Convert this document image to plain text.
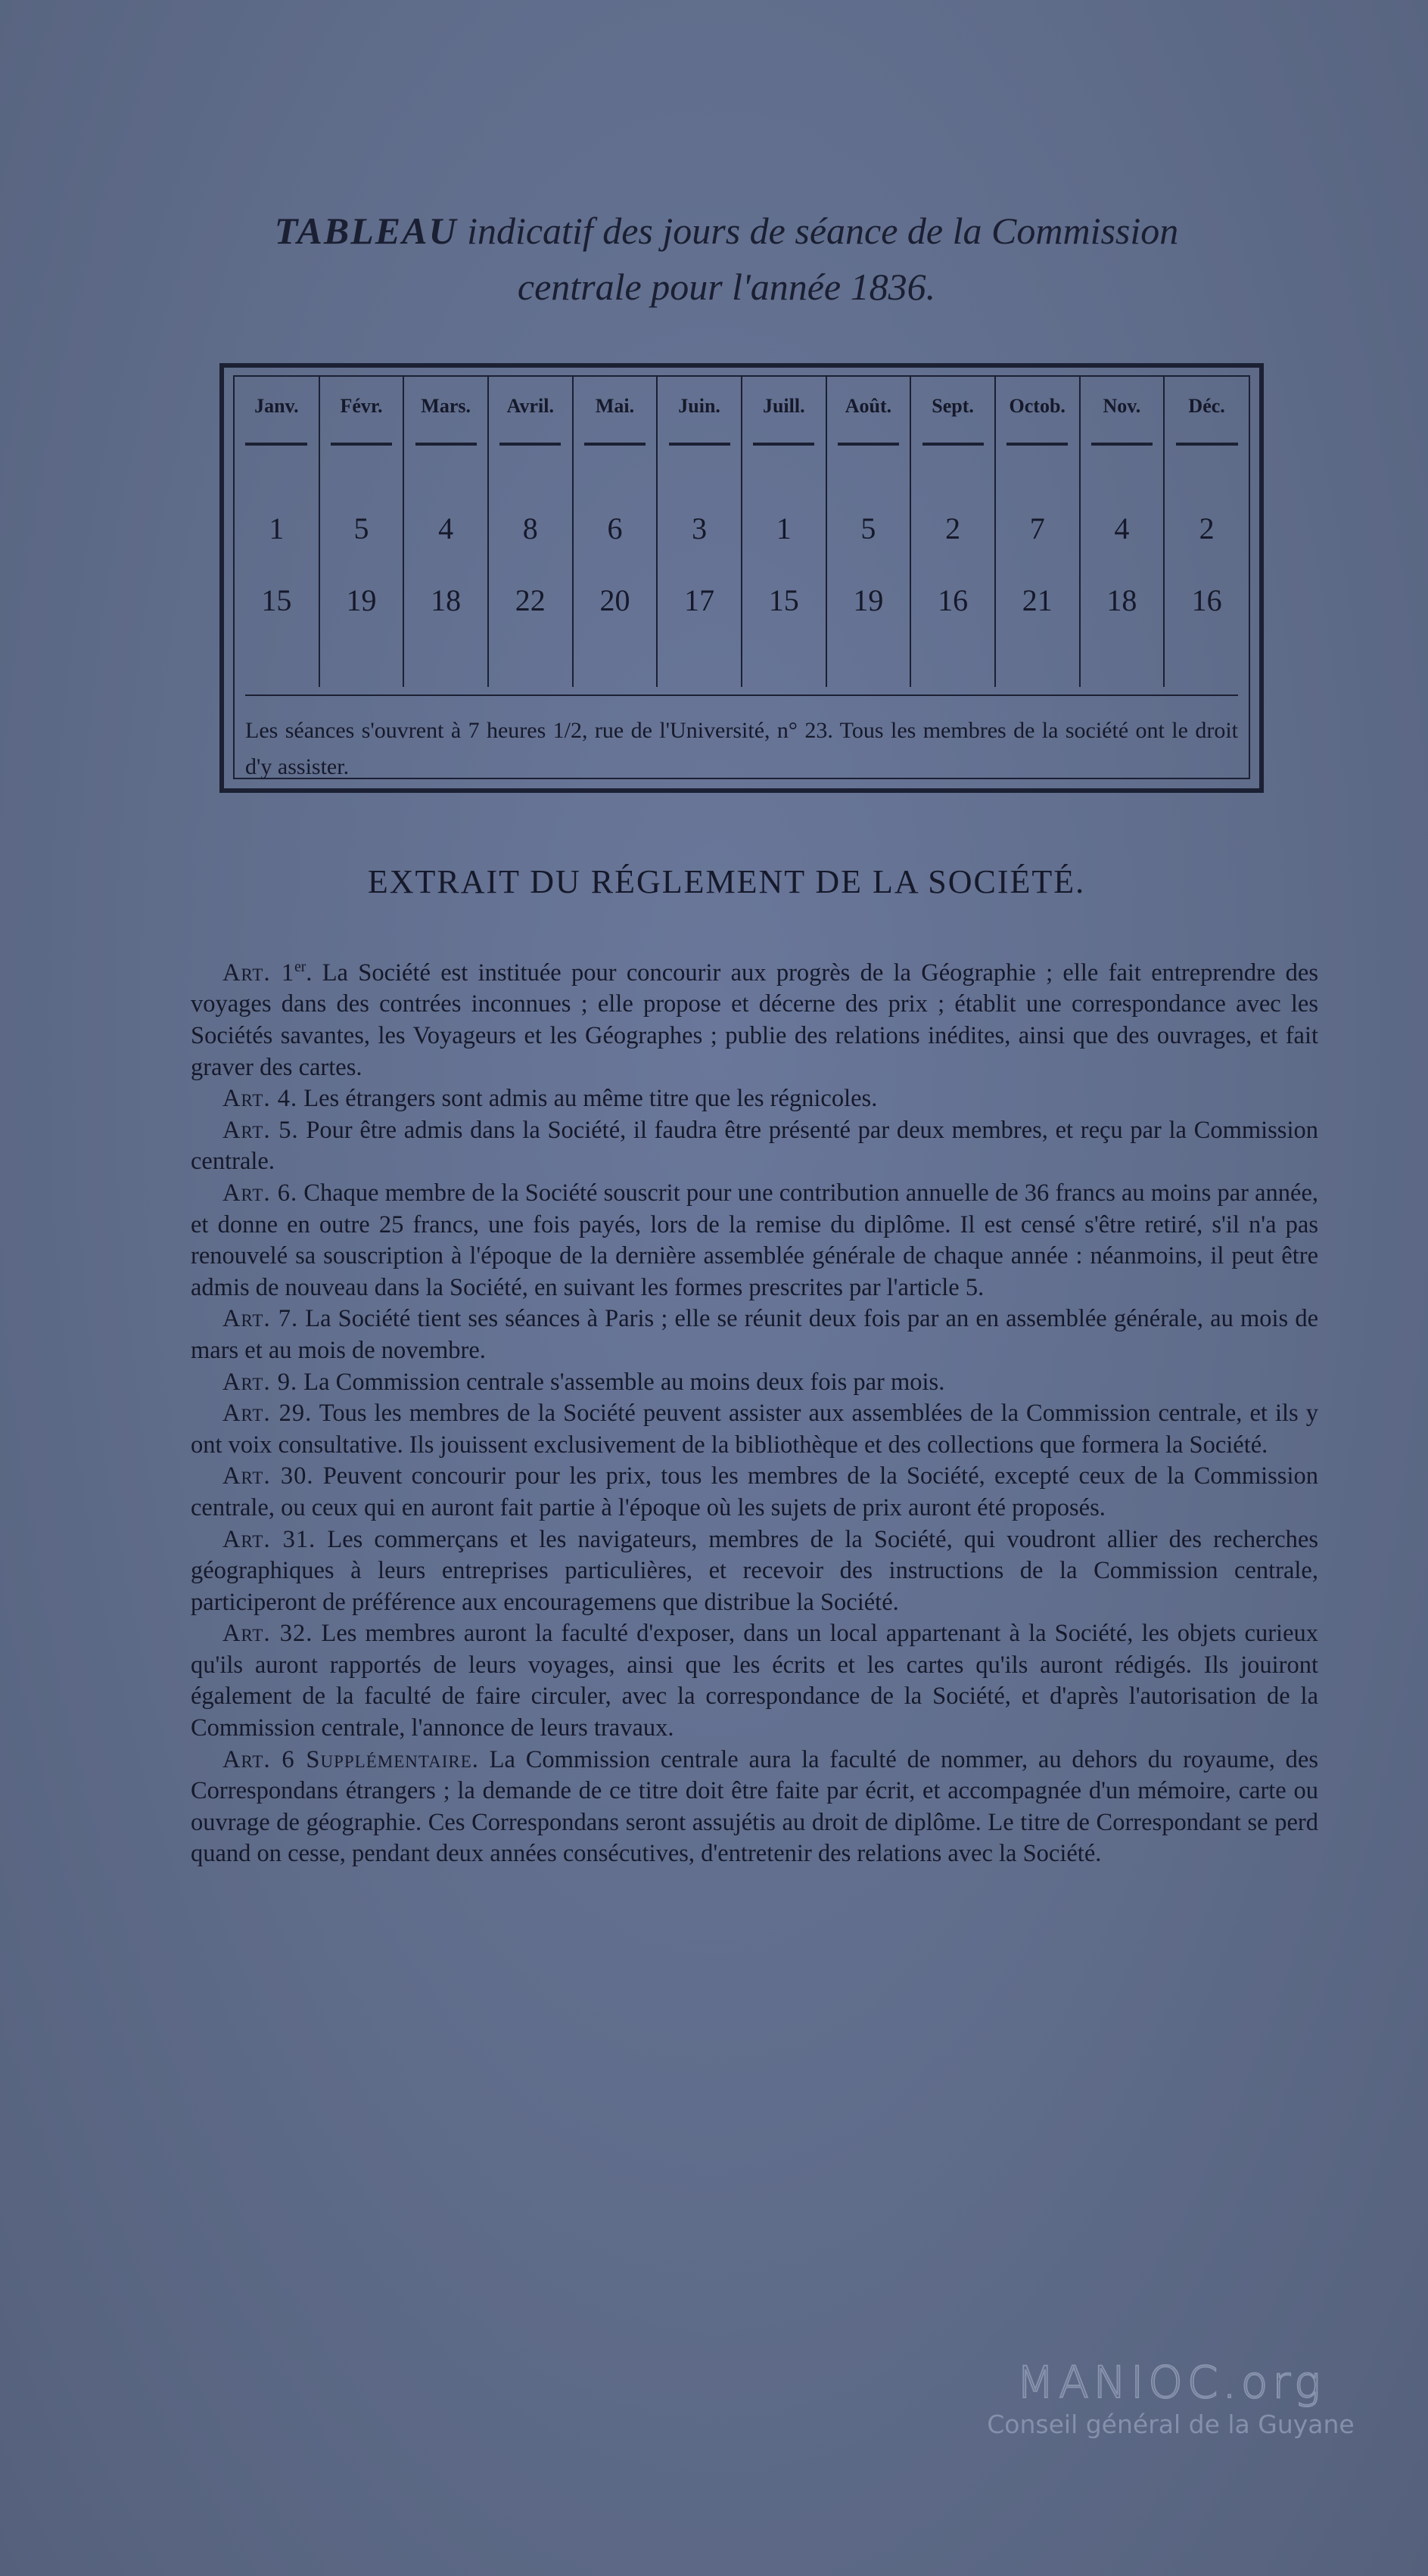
TABLEAU indicatif des jours de séance de la Commission
centrale pour l'année 1836.
Janv.	Févr.	Mars.	Avril.	Mai.	Juin.	Juill.	Août.	Sept.	Octob.	Nov.	Déc.

1	5	4	8	6	3	1	5	2	7	4	2
15	19	18	22	20	17	15	19	16	21	18	16
Les séances s'ouvrent à 7 heures 1/2, rue de l'Université, n° 23. Tous les membres de la société ont le droit d'y assister.
EXTRAIT DU RÉGLEMENT DE LA SOCIÉTÉ.

Art. 1er. La Société est instituée pour concourir aux progrès de la Géographie ; elle fait entreprendre des voyages dans des contrées inconnues ; elle propose et décerne des prix ; établit une correspondance avec les Sociétés savantes, les Voyageurs et les Géographes ; publie des relations inédites, ainsi que des ouvrages, et fait graver des cartes.

Art. 4. Les étrangers sont admis au même titre que les régnicoles.

Art. 5. Pour être admis dans la Société, il faudra être présenté par deux membres, et reçu par la Commission centrale.

Art. 6. Chaque membre de la Société souscrit pour une contribution annuelle de 36 francs au moins par année, et donne en outre 25 francs, une fois payés, lors de la remise du diplôme. Il est censé s'être retiré, s'il n'a pas renouvelé sa souscription à l'époque de la dernière assemblée générale de chaque année : néanmoins, il peut être admis de nouveau dans la Société, en suivant les formes prescrites par l'article 5.

Art. 7. La Société tient ses séances à Paris ; elle se réunit deux fois par an en assemblée générale, au mois de mars et au mois de novembre.

Art. 9. La Commission centrale s'assemble au moins deux fois par mois.

Art. 29. Tous les membres de la Société peuvent assister aux assemblées de la Commission centrale, et ils y ont voix consultative. Ils jouissent exclusivement de la bibliothèque et des collections que formera la Société.

Art. 30. Peuvent concourir pour les prix, tous les membres de la Société, excepté ceux de la Commission centrale, ou ceux qui en auront fait partie à l'époque où les sujets de prix auront été proposés.

Art. 31. Les commerçans et les navigateurs, membres de la Société, qui voudront allier des recherches géographiques à leurs entreprises particulières, et recevoir des instructions de la Commission centrale, participeront de préférence aux encouragemens que distribue la Société.

Art. 32. Les membres auront la faculté d'exposer, dans un local appartenant à la Société, les objets curieux qu'ils auront rapportés de leurs voyages, ainsi que les écrits et les cartes qu'ils auront rédigés. Ils jouiront également de la faculté de faire circuler, avec la correspondance de la Société, et d'après l'autorisation de la Commission centrale, l'annonce de leurs travaux.

Art. 6 Supplémentaire. La Commission centrale aura la faculté de nommer, au dehors du royaume, des Correspondans étrangers ; la demande de ce titre doit être faite par écrit, et accompagnée d'un mémoire, carte ou ouvrage de géographie. Ces Correspondans seront assujétis au droit de diplôme. Le titre de Correspondant se perd quand on cesse, pendant deux années consécutives, d'entretenir des relations avec la Société.

MANIOC.org
Conseil général de la Guyane
